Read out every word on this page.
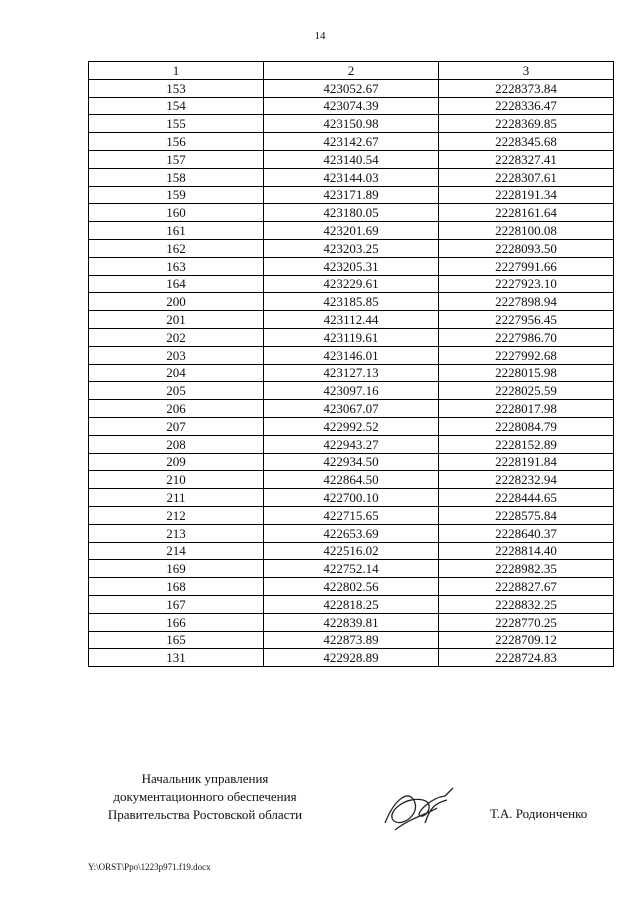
14
1	2	3
153	423052.67	2228373.84
154	423074.39	2228336.47
155	423150.98	2228369.85
156	423142.67	2228345.68
157	423140.54	2228327.41
158	423144.03	2228307.61
159	423171.89	2228191.34
160	423180.05	2228161.64
161	423201.69	2228100.08
162	423203.25	2228093.50
163	423205.31	2227991.66
164	423229.61	2227923.10
200	423185.85	2227898.94
201	423112.44	2227956.45
202	423119.61	2227986.70
203	423146.01	2227992.68
204	423127.13	2228015.98
205	423097.16	2228025.59
206	423067.07	2228017.98
207	422992.52	2228084.79
208	422943.27	2228152.89
209	422934.50	2228191.84
210	422864.50	2228232.94
211	422700.10	2228444.65
212	422715.65	2228575.84
213	422653.69	2228640.37
214	422516.02	2228814.40
169	422752.14	2228982.35
168	422802.56	2228827.67
167	422818.25	2228832.25
166	422839.81	2228770.25
165	422873.89	2228709.12
131	422928.89	2228724.83
Начальник управления
документационного обеспечения
Правительства Ростовской области	Т.А. Родионченко
Y:\ORST\Ppo\1223p971.f19.docx
